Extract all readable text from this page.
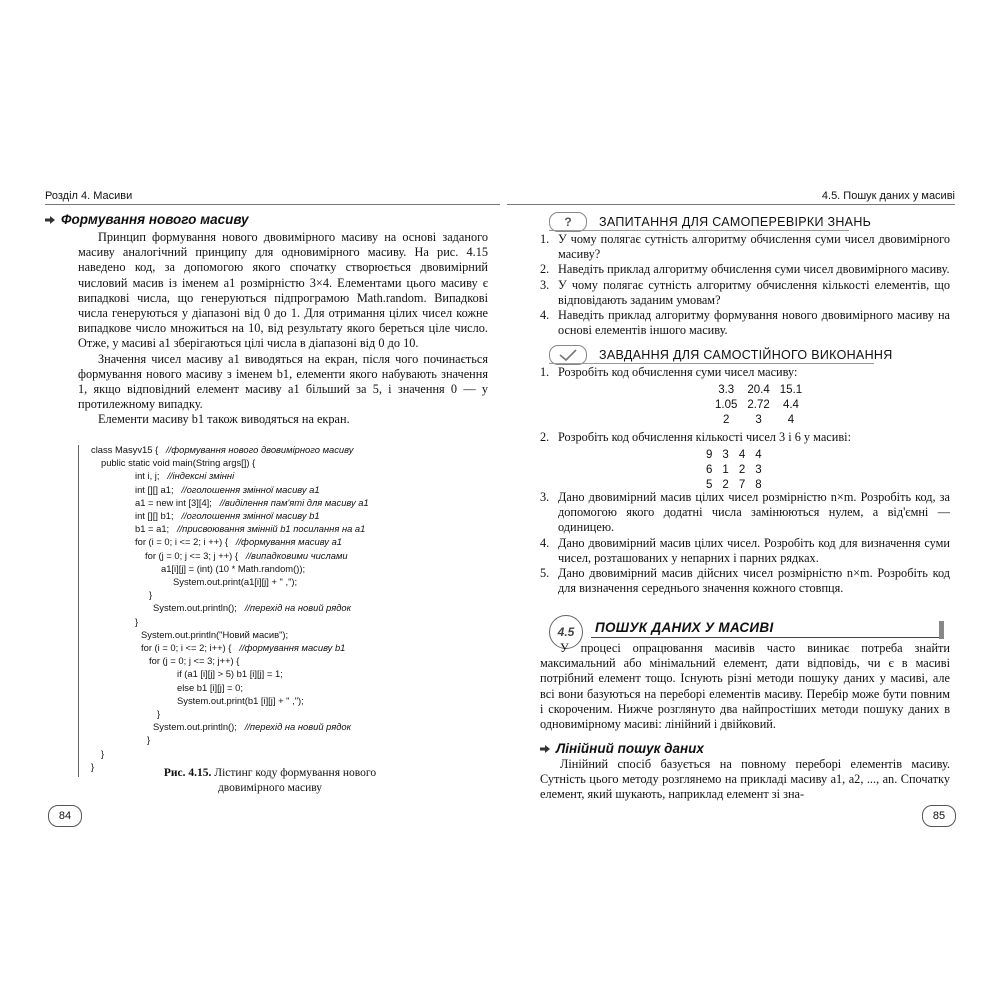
Розділ 4. Масиви
Формування нового масиву

Принцип формування нового двовимірного масиву на основі заданого масиву аналогічний принципу для одновимірного масиву. На рис. 4.15 наведено код, за допомогою якого спочатку створюється двовимірний числовий масив із іменем a1 розмірністю 3×4. Елементами цього масиву є випадкові числа, що генеруються підпрограмою Math.random. Випадкові числа генеруються у діапазоні від 0 до 1. Для отримання цілих чисел кожне випадкове число множиться на 10, від результату якого береться ціле число. Отже, у масиві a1 зберігаються цілі числа в діапазоні від 0 до 10.

Значення чисел масиву a1 виводяться на екран, після чого починається формування нового масиву з іменем b1, елементи якого набувають значення 1, якщо відповідний елемент масиву a1 більший за 5, і значення 0 — у протилежному випадку.

Елементи масиву b1 також виводяться на екран.

class Masyv15 {   //формування нового двовимірного масиву
public static void main(String args[]) {
int i, j;   //індексні змінні
int [][] a1;   //оголошення змінної масиву a1
a1 = new int [3][4];   //виділення пам'яті для масиву a1
int [][] b1;   //оголошення змінної масиву b1
b1 = a1;   //присвоювання змінній b1 посилання на a1
for (i = 0; i <= 2; i ++) {   //формування масиву a1
for (j = 0; j <= 3; j ++) {   //випадковими числами
a1[i][j] = (int) (10 * Math.random());
System.out.print(a1[i][j] + " ,");
}
System.out.println();   //перехід на новий рядок
}
System.out.println("Новий масив");
for (i = 0; i <= 2; i++) {   //формування масиву b1
for (j = 0; j <= 3; j++) {
if (a1 [i][j] > 5) b1 [i][j] = 1;
else b1 [i][j] = 0;
System.out.print(b1 [i][j] + " ,");
}
System.out.println();   //перехід на новий рядок
}
}
}
Рис. 4.15. Лістинг коду формування нового двовимірного масиву
84
4.5. Пошук даних у масиві
?	ЗАПИТАННЯ ДЛЯ САМОПЕРЕВІРКИ ЗНАНЬ
1. У чому полягає сутність алгоритму обчислення суми чисел двовимірного масиву?
2. Наведіть приклад алгоритму обчислення суми чисел двовимірного масиву.
3. У чому полягає сутність алгоритму обчислення кількості елементів, що відповідають заданим умовам?
4. Наведіть приклад алгоритму формування нового двовимірного масиву на основі елементів іншого масиву.
ЗАВДАННЯ ДЛЯ САМОСТІЙНОГО ВИКОНАННЯ
1. Розробіть код обчислення суми чисел масиву:
3.3	20.4	15.1
1.05	2.72	4.4
2	3	4
2. Розробіть код обчислення кількості чисел 3 і 6 у масиві:
9	3	4	4
6	1	2	3
5	2	7	8
3. Дано двовимірний масив цілих чисел розмірністю n×m. Розробіть код, за допомогою якого додатні числа замінюються нулем, а від'ємні — одиницею.
4. Дано двовимірний масив цілих чисел. Розробіть код для визначення суми чисел, розташованих у непарних і парних рядках.
5. Дано двовимірний масив дійсних чисел розмірністю n×m. Розробіть код для визначення середнього значення кожного стовпця.
4.5	ПОШУК ДАНИХ У МАСИВІ

У процесі опрацювання масивів часто виникає потреба знайти максимальний або мінімальний елемент, дати відповідь, чи є в масиві потрібний елемент тощо. Існують різні методи пошуку даних у масиві, але всі вони базуються на переборі елементів масиву. Перебір може бути повним і скороченим. Нижче розглянуто два найпростіших методи пошуку даних в одновимірному масиві: лінійний і двійковий.

Лінійний пошук даних

Лінійний спосіб базується на повному переборі елементів масиву. Сутність цього методу розглянемо на прикладі масиву a1, a2, ..., an. Спочатку елемент, який шукають, наприклад елемент зі зна-

85
